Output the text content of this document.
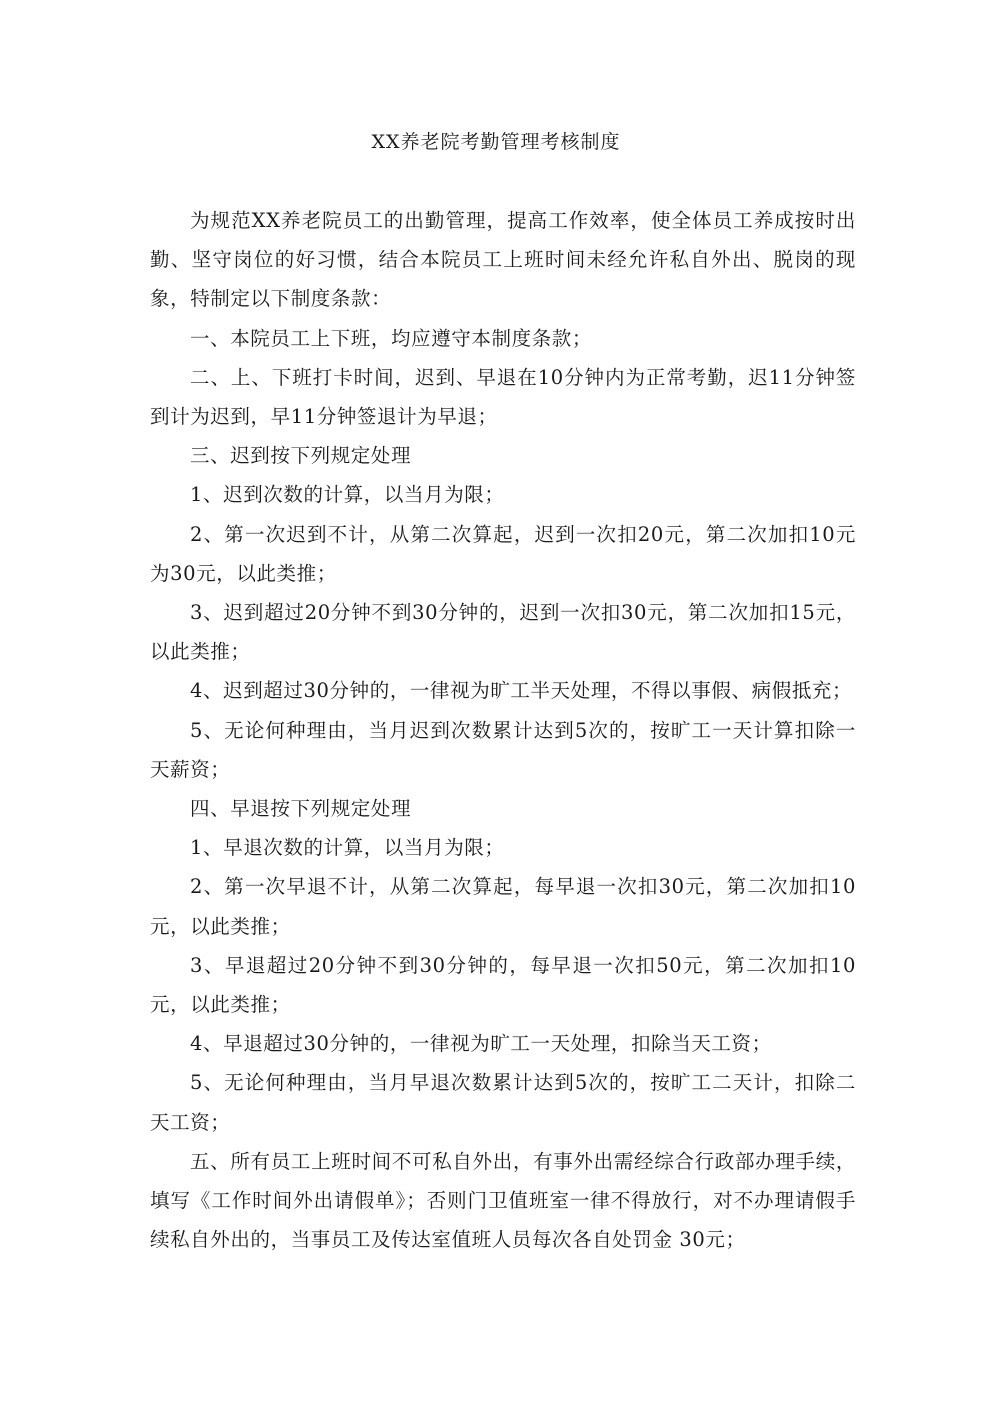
XX养老院考勤管理考核制度

为规范XX养老院员工的出勤管理，提高工作效率，使全体员工养成按时出勤、坚守岗位的好习惯，结合本院员工上班时间未经允许私自外出、脱岗的现象，特制定以下制度条款：

一、本院员工上下班，均应遵守本制度条款；

二、上、下班打卡时间，迟到、早退在10分钟内为正常考勤，迟11分钟签到计为迟到，早11分钟签退计为早退；

三、迟到按下列规定处理

1、迟到次数的计算，以当月为限；

2、第一次迟到不计，从第二次算起，迟到一次扣20元，第二次加扣10元为30元，以此类推；

3、迟到超过20分钟不到30分钟的，迟到一次扣30元，第二次加扣15元，以此类推；

4、迟到超过30分钟的，一律视为旷工半天处理，不得以事假、病假抵充；

5、无论何种理由，当月迟到次数累计达到5次的，按旷工一天计算扣除一天薪资；

四、早退按下列规定处理

1、早退次数的计算，以当月为限；

2、第一次早退不计，从第二次算起，每早退一次扣30元，第二次加扣10元，以此类推；

3、早退超过20分钟不到30分钟的，每早退一次扣50元，第二次加扣10元，以此类推；

4、早退超过30分钟的，一律视为旷工一天处理，扣除当天工资；

5、无论何种理由，当月早退次数累计达到5次的，按旷工二天计，扣除二天工资；

五、所有员工上班时间不可私自外出，有事外出需经综合行政部办理手续，填写《工作时间外出请假单》；否则门卫值班室一律不得放行，对不办理请假手续私自外出的，当事员工及传达室值班人员每次各自处罚金 30元；
